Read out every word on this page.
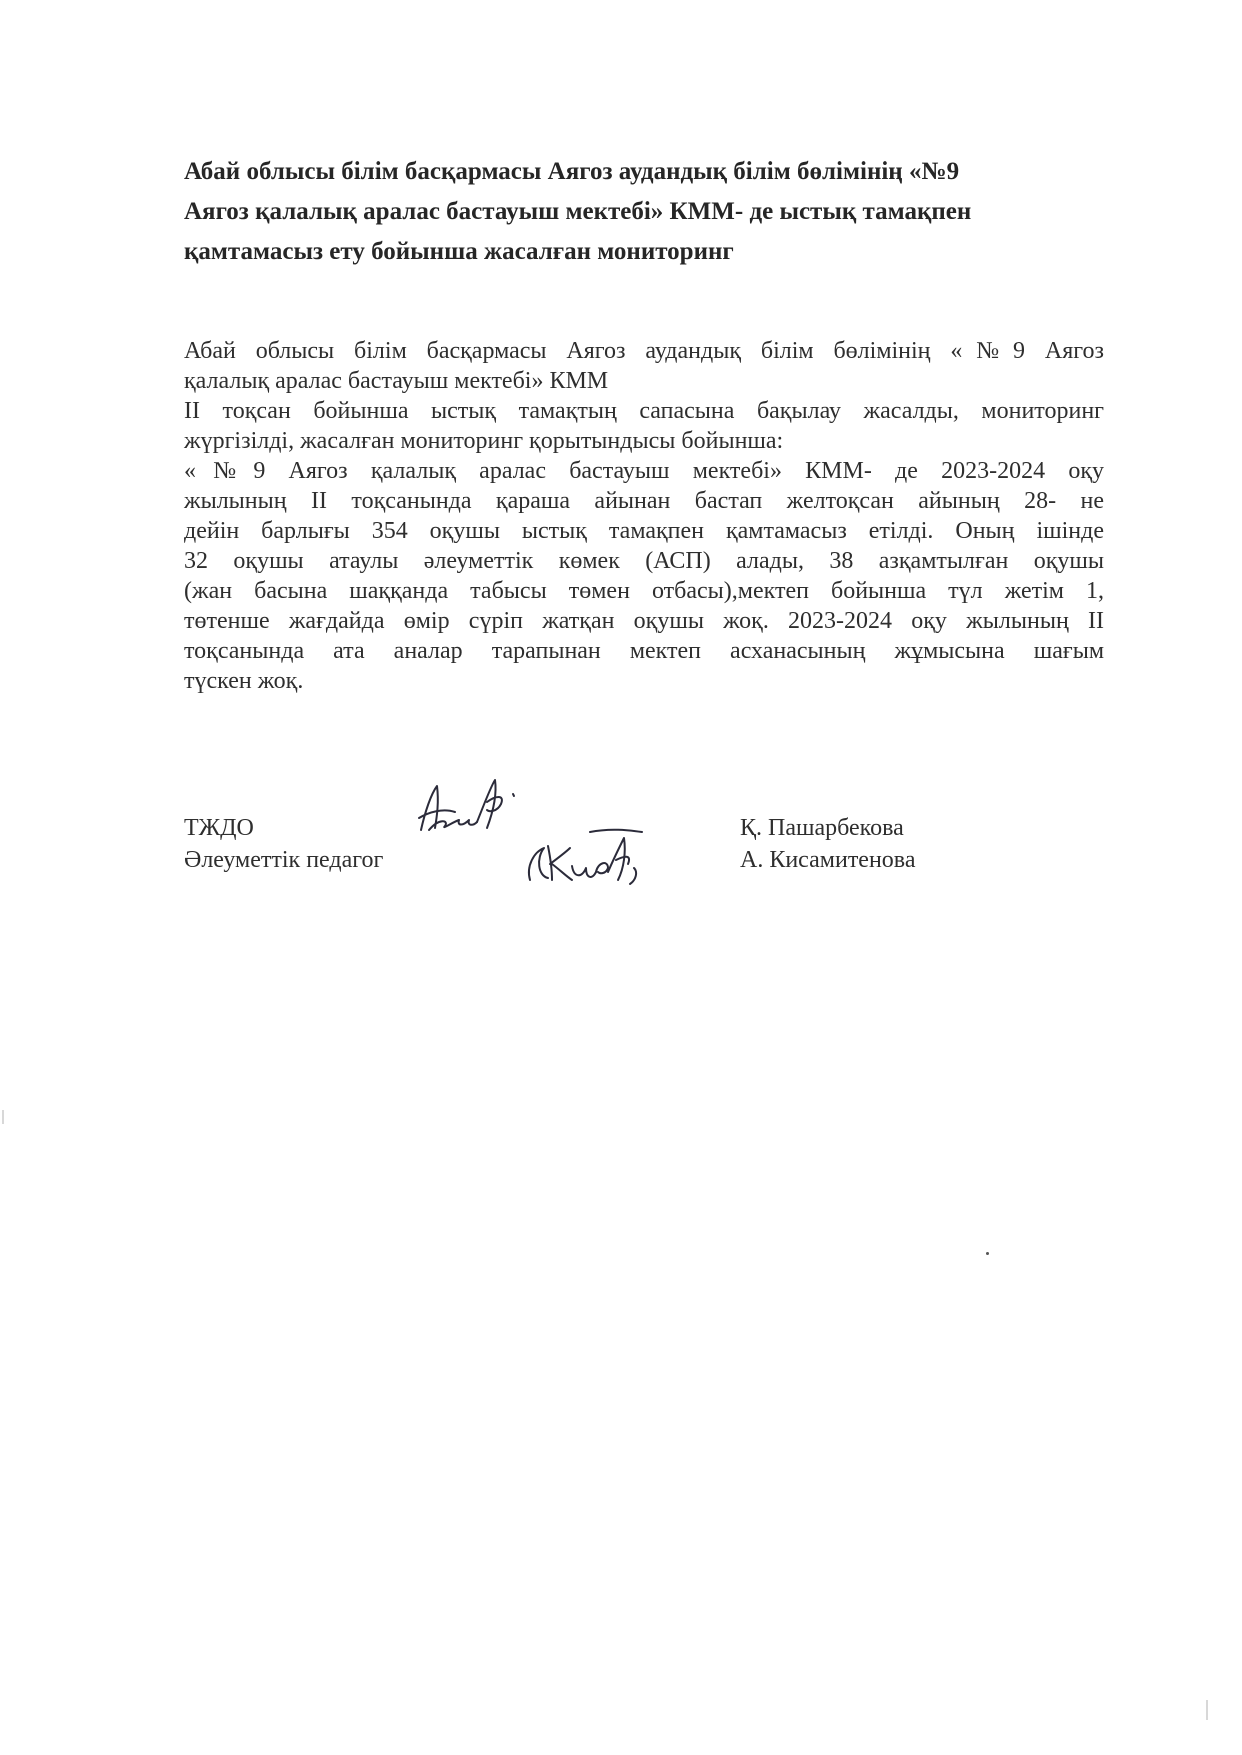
Абай облысы білім басқармасы Аягоз аудандық білім бөлімінің «№9
Аягоз қалалық аралас бастауыш мектебі» КММ- де ыстық тамақпен
қамтамасыз ету бойынша жасалған мониторинг
Абай облысы білім басқармасы Аягоз аудандық білім бөлімінің «№9 Аягоз
қалалық аралас бастауыш мектебі» КММ
II тоқсан бойынша ыстық тамақтың сапасына бақылау жасалды, мониторинг
жүргізілді, жасалған мониторинг қорытындысы бойынша:
«№9 Аягоз қалалық аралас бастауыш мектебі» КММ- де 2023-2024 оқу
жылының II тоқсанында қараша айынан бастап желтоқсан айының 28- не
дейін барлығы 354 оқушы ыстық тамақпен қамтамасыз етілді. Оның ішінде
32 оқушы атаулы әлеуметтік көмек (АСП) алады, 38 азқамтылған оқушы
(жан басына шаққанда табысы төмен отбасы),мектеп бойынша түл жетім 1,
төтенше жағдайда өмір сүріп жатқан оқушы жоқ. 2023-2024 оқу жылының II
тоқсанында ата аналар тарапынан мектеп асханасының жұмысына шағым
түскен жоқ.
ТЖДО
Әлеуметтік педагог
Қ. Пашарбекова
А. Кисамитенова
